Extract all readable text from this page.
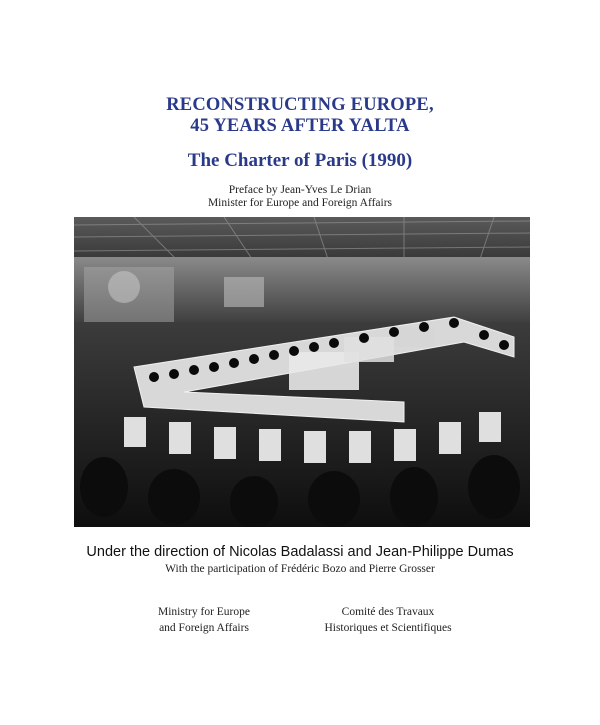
RECONSTRUCTING EUROPE,
45 YEARS AFTER YALTA
The Charter of Paris (1990)
Preface by Jean-Yves Le Drian
Minister for Europe and Foreign Affairs
Under the direction of Nicolas Badalassi and Jean-Philippe Dumas
With the participation of Frédéric Bozo and Pierre Grosser
Ministry for Europe
and Foreign Affairs
Comité des Travaux
Historiques et Scientifiques
